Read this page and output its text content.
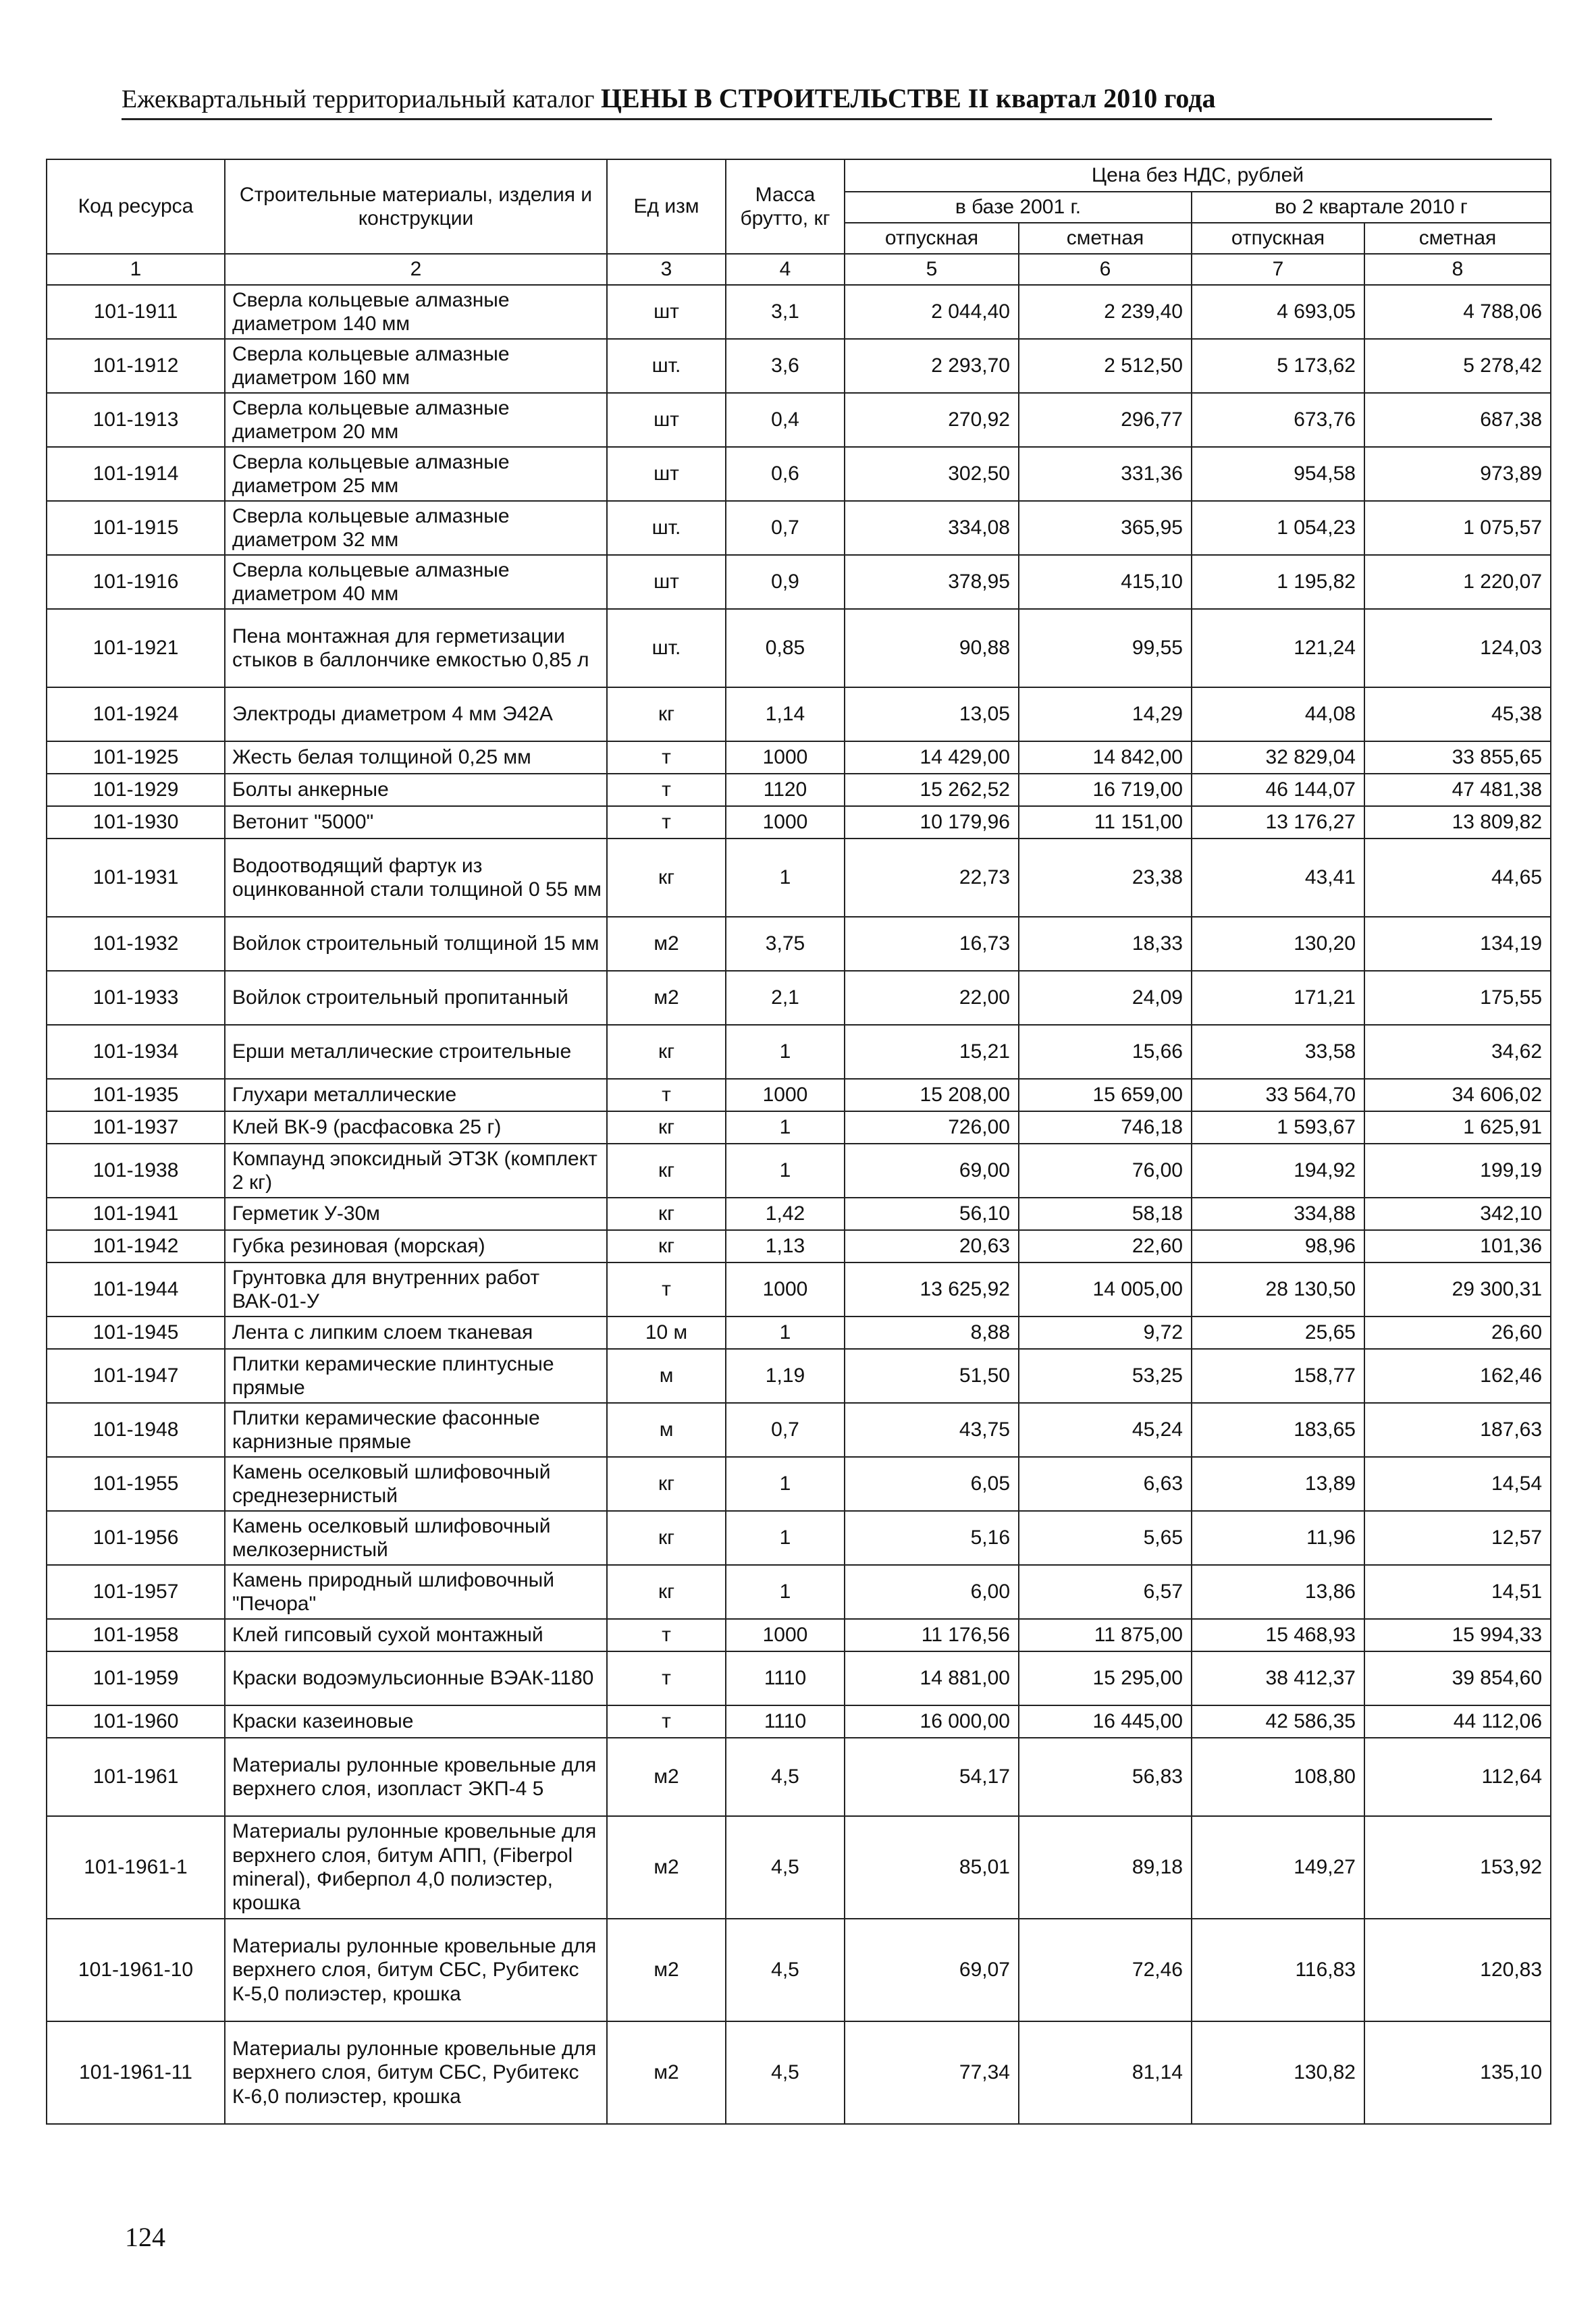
Ежеквартальный территориальный каталог ЦЕНЫ В СТРОИТЕЛЬСТВЕ II квартал 2010 года
Код ресурса	Строительные материалы, изделия и конструкции	Ед изм	Масса брутто, кг	Цена без НДС, рублей			
				в базе 2001 г.		во 2 квартале 2010 г	
				отпускная	сметная	отпускная	сметная
1	2	3	4	5	6	7	8
101-1911	Сверла кольцевые алмазные диаметром 140 мм	шт	3,1	2 044,40	2 239,40	4 693,05	4 788,06
101-1912	Сверла кольцевые алмазные диаметром 160 мм	шт.	3,6	2 293,70	2 512,50	5 173,62	5 278,42
101-1913	Сверла кольцевые алмазные диаметром 20 мм	шт	0,4	270,92	296,77	673,76	687,38
101-1914	Сверла кольцевые алмазные диаметром 25 мм	шт	0,6	302,50	331,36	954,58	973,89
101-1915	Сверла кольцевые алмазные диаметром 32 мм	шт.	0,7	334,08	365,95	1 054,23	1 075,57
101-1916	Сверла кольцевые алмазные диаметром 40 мм	шт	0,9	378,95	415,10	1 195,82	1 220,07
101-1921	Пена монтажная для герметизации стыков в баллончике емкостью 0,85 л	шт.	0,85	90,88	99,55	121,24	124,03
101-1924	Электроды диаметром 4 мм Э42А	кг	1,14	13,05	14,29	44,08	45,38
101-1925	Жесть белая толщиной 0,25 мм	т	1000	14 429,00	14 842,00	32 829,04	33 855,65
101-1929	Болты анкерные	т	1120	15 262,52	16 719,00	46 144,07	47 481,38
101-1930	Ветонит "5000"	т	1000	10 179,96	11 151,00	13 176,27	13 809,82
101-1931	Водоотводящий фартук из оцинкованной стали толщиной 0 55 мм	кг	1	22,73	23,38	43,41	44,65
101-1932	Войлок строительный толщиной 15 мм	м2	3,75	16,73	18,33	130,20	134,19
101-1933	Войлок строительный пропитанный	м2	2,1	22,00	24,09	171,21	175,55
101-1934	Ерши металлические строительные	кг	1	15,21	15,66	33,58	34,62
101-1935	Глухари металлические	т	1000	15 208,00	15 659,00	33 564,70	34 606,02
101-1937	Клей ВК-9 (расфасовка 25 г)	кг	1	726,00	746,18	1 593,67	1 625,91
101-1938	Компаунд эпоксидный ЭТЗК (комплект 2 кг)	кг	1	69,00	76,00	194,92	199,19
101-1941	Герметик У-30м	кг	1,42	56,10	58,18	334,88	342,10
101-1942	Губка резиновая (морская)	кг	1,13	20,63	22,60	98,96	101,36
101-1944	Грунтовка для внутренних работ ВАК-01-У	т	1000	13 625,92	14 005,00	28 130,50	29 300,31
101-1945	Лента с липким слоем тканевая	10 м	1	8,88	9,72	25,65	26,60
101-1947	Плитки керамические плинтусные прямые	м	1,19	51,50	53,25	158,77	162,46
101-1948	Плитки керамические фасонные карнизные прямые	м	0,7	43,75	45,24	183,65	187,63
101-1955	Камень оселковый шлифовочный среднезернистый	кг	1	6,05	6,63	13,89	14,54
101-1956	Камень оселковый шлифовочный мелкозернистый	кг	1	5,16	5,65	11,96	12,57
101-1957	Камень природный шлифовочный "Печора"	кг	1	6,00	6,57	13,86	14,51
101-1958	Клей гипсовый сухой монтажный	т	1000	11 176,56	11 875,00	15 468,93	15 994,33
101-1959	Краски водоэмульсионные ВЭАК-1180	т	1110	14 881,00	15 295,00	38 412,37	39 854,60
101-1960	Краски казеиновые	т	1110	16 000,00	16 445,00	42 586,35	44 112,06
101-1961	Материалы рулонные кровельные для верхнего слоя, изопласт ЭКП-4 5	м2	4,5	54,17	56,83	108,80	112,64
101-1961-1	Материалы рулонные кровельные для верхнего слоя, битум АПП, (Fiberpol mineral), Фиберпол 4,0 полиэстер, крошка	м2	4,5	85,01	89,18	149,27	153,92
101-1961-10	Материалы рулонные кровельные для верхнего слоя, битум СБС, Рубитекс К-5,0 полиэстер, крошка	м2	4,5	69,07	72,46	116,83	120,83
101-1961-11	Материалы рулонные кровельные для верхнего слоя, битум СБС, Рубитекс К-6,0 полиэстер, крошка	м2	4,5	77,34	81,14	130,82	135,10
124
